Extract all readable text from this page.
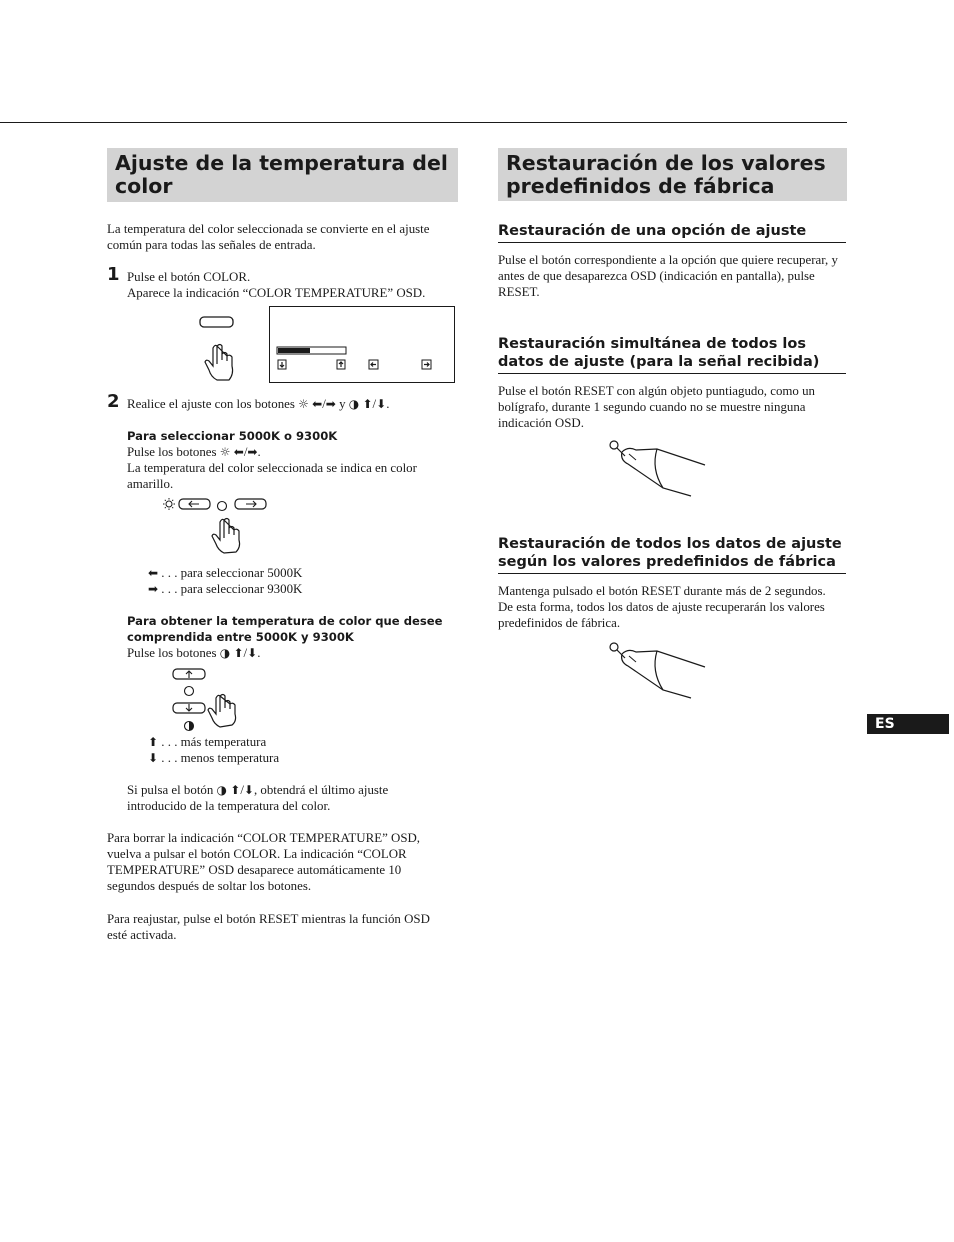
Ajuste de la temperatura del color
La temperatura del color seleccionada se convierte en el ajuste común para todas las señales de entrada.
1 Pulse el botón COLOR.
Aparece la indicación “COLOR TEMPERATURE” OSD.
2 Realice el ajuste con los botones ☼ ⬅/➡ y ◑ ⬆/⬇.
Para seleccionar 5000K o 9300K
Pulse los botones ☼ ⬅/➡.
La temperatura del color seleccionada se indica en color amarillo.
⬅ . . . para seleccionar 5000K
➡ . . . para seleccionar 9300K
Para obtener la temperatura de color que desee comprendida entre 5000K y 9300K
Pulse los botones ◑ ⬆/⬇.
⬆ . . . más temperatura
⬇ . . . menos temperatura
Si pulsa el botón ◑ ⬆/⬇, obtendrá el último ajuste introducido de la temperatura del color.
Para borrar la indicación “COLOR TEMPERATURE” OSD, vuelva a pulsar el botón COLOR. La indicación “COLOR TEMPERATURE” OSD desaparece automáticamente 10 segundos después de soltar los botones.
Para reajustar, pulse el botón RESET mientras la función OSD esté activada.
Restauración de los valores predefinidos de fábrica
Restauración de una opción de ajuste
Pulse el botón correspondiente a la opción que quiere recuperar, y antes de que desaparezca OSD (indicación en pantalla), pulse RESET.
Restauración simultánea de todos los datos de ajuste (para la señal recibida)
Pulse el botón RESET con algún objeto puntiagudo, como un bolígrafo, durante 1 segundo cuando no se muestre ninguna indicación OSD.
Restauración de todos los datos de ajuste según los valores predefinidos de fábrica
Mantenga pulsado el botón RESET durante más de 2 segundos. De esta forma, todos los datos de ajuste recuperarán los valores predefinidos de fábrica.
ES
